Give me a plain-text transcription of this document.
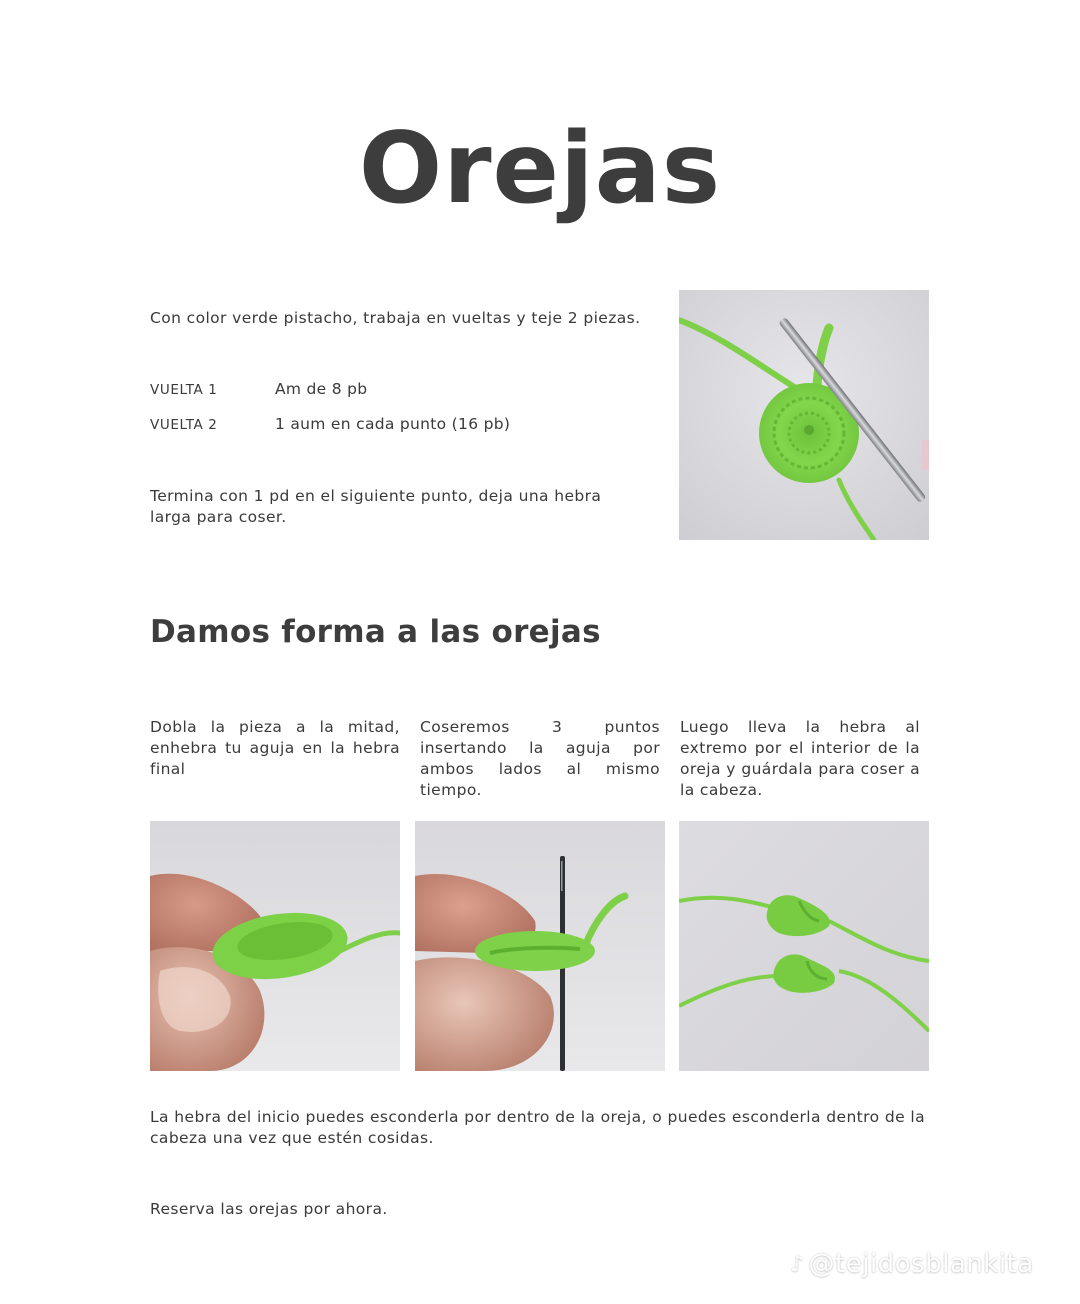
Orejas
Con color verde pistacho, trabaja en vueltas y teje 2 piezas.
VUELTA 1	Am de 8 pb
VUELTA 2	1 aum en cada punto (16 pb)
Termina con 1 pd en el siguiente punto, deja una hebra larga para coser.
Damos forma a las orejas
Dobla la pieza a la mitad, enhebra tu aguja en la hebra final
Coseremos 3 puntos insertando la aguja por ambos lados al mismo tiempo.
Luego lleva la hebra al extremo por el interior de la oreja y guárdala para coser a la cabeza.
La hebra del inicio puedes esconderla por dentro de la oreja, o puedes esconderla dentro de la cabeza una vez que estén cosidas.
Reserva las orejas por ahora.
♪ @tejidosblankita
